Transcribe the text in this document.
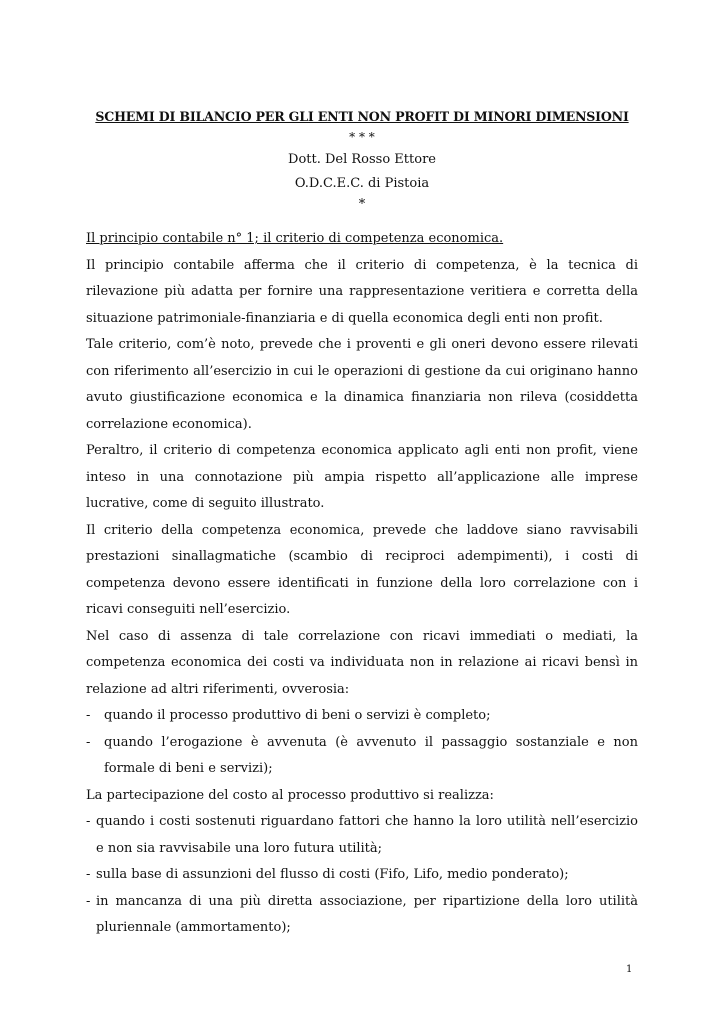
SCHEMI DI BILANCIO PER GLI ENTI NON PROFIT DI MINORI DIMENSIONI
* * *
Dott. Del Rosso Ettore
O.D.C.E.C. di Pistoia
*

Il principio contabile n° 1; il criterio di competenza economica.

Il principio contabile afferma che il criterio di competenza, è la tecnica di rilevazione più adatta per fornire una rappresentazione veritiera e corretta della situazione patrimoniale-finanziaria e di quella economica degli enti non profit.

Tale criterio, com’è noto, prevede che i proventi e gli oneri devono essere rilevati con riferimento all’esercizio in cui le operazioni di gestione da cui originano hanno avuto giustificazione economica e la dinamica finanziaria non rileva (cosiddetta correlazione economica).

Peraltro, il criterio di competenza economica applicato agli enti non profit, viene inteso in una connotazione più ampia rispetto all’applicazione alle imprese lucrative, come di seguito illustrato.

Il criterio della competenza economica, prevede che laddove siano ravvisabili prestazioni sinallagmatiche (scambio di reciproci adempimenti), i costi di competenza devono essere identificati in funzione della loro correlazione con i ricavi conseguiti nell’esercizio.

Nel caso di assenza di tale correlazione con ricavi immediati o mediati, la competenza economica dei costi va individuata non in relazione ai ricavi bensì in relazione ad altri riferimenti, ovverosia:

-	quando il processo produttivo di beni o servizi è completo;
-	quando l’erogazione è avvenuta (è avvenuto il passaggio sostanziale e non formale di beni e servizi);

La partecipazione del costo al processo produttivo si realizza:

- quando i costi sostenuti riguardano fattori che hanno la loro utilità nell’esercizio e non sia ravvisabile una loro futura utilità;
- sulla base di assunzioni del flusso di costi (Fifo, Lifo, medio ponderato);
- in mancanza di una più diretta associazione, per ripartizione della loro utilità pluriennale (ammortamento);
1
